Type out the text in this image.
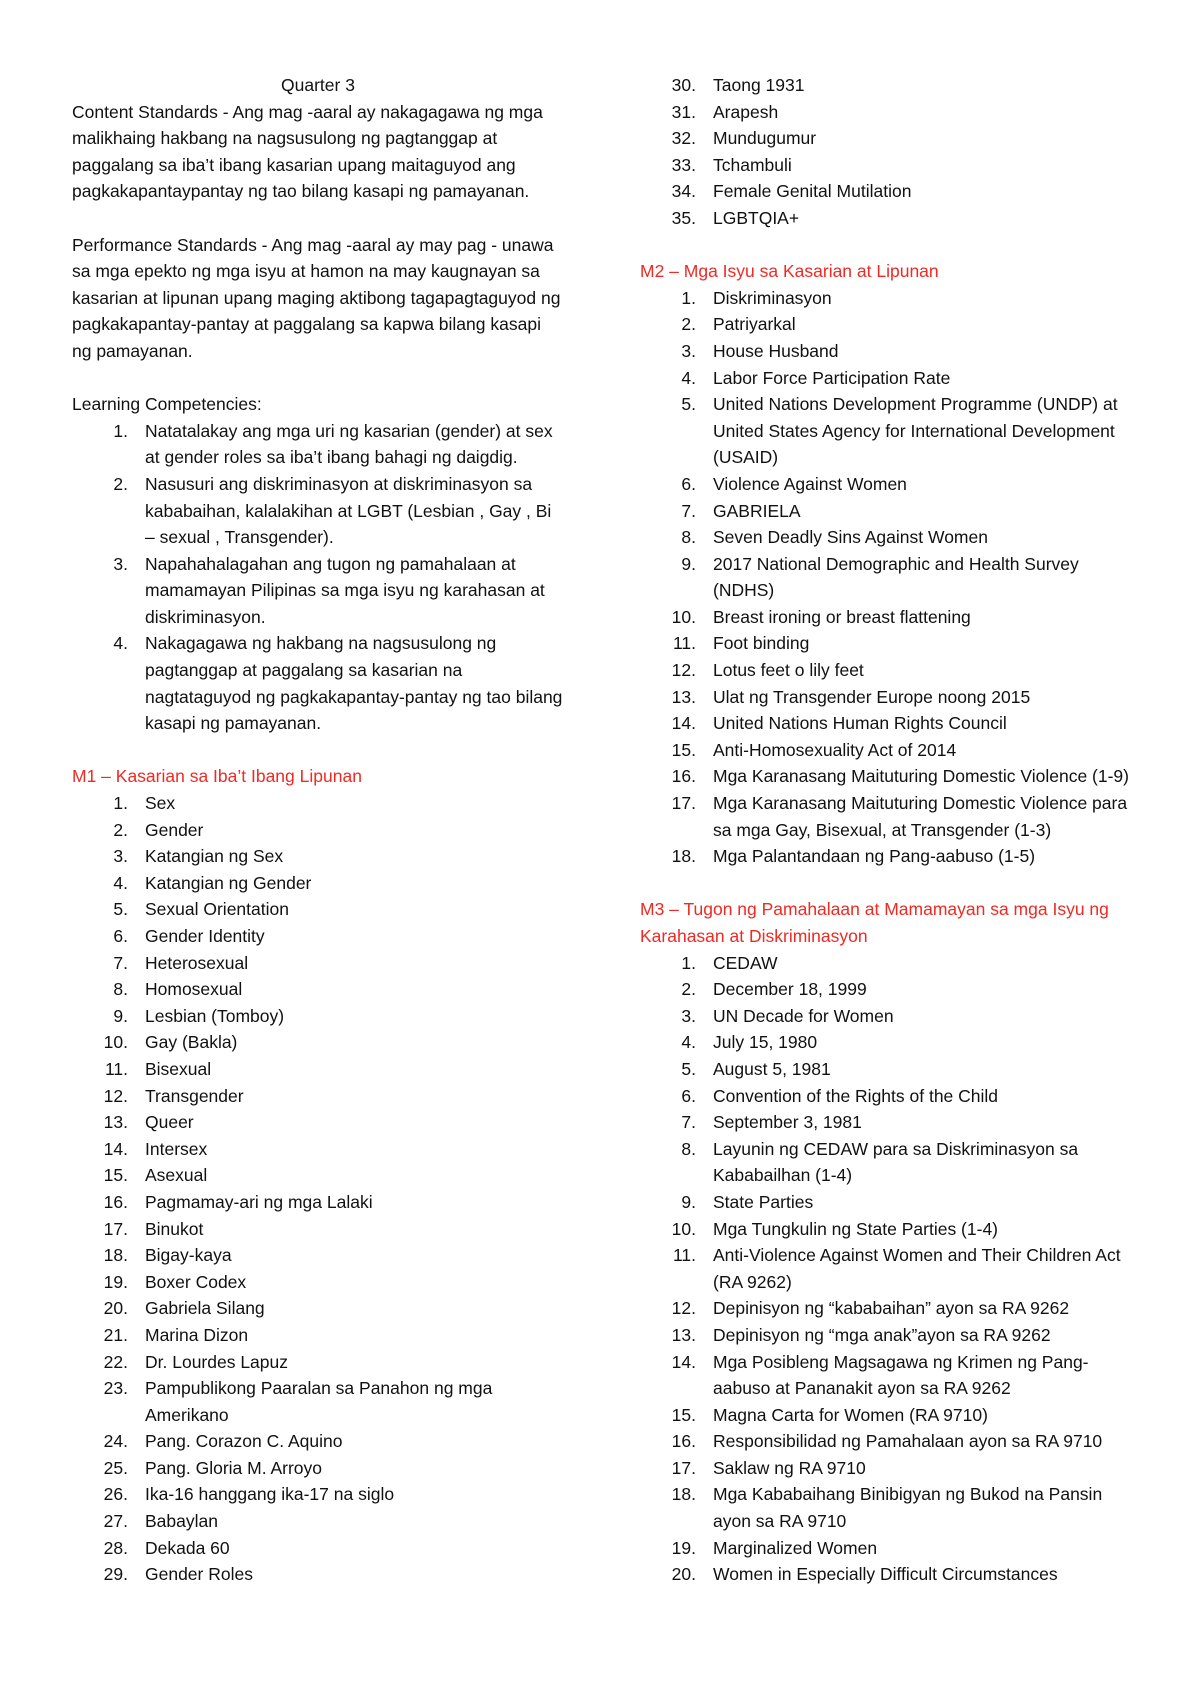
Quarter 3

Content Standards - Ang mag -aaral ay nakagagawa ng mga malikhaing hakbang na nagsusulong ng pagtanggap at paggalang sa iba’t ibang kasarian upang maitaguyod ang pagkakapantaypantay ng tao bilang kasapi ng pamayanan.

Performance Standards - Ang mag -aaral ay may pag - unawa sa mga epekto ng mga isyu at hamon na may kaugnayan sa kasarian at lipunan upang maging aktibong tagapagtaguyod ng pagkakapantay-pantay at paggalang sa kapwa bilang kasapi ng pamayanan.

Learning Competencies:
1. Natatalakay ang mga uri ng kasarian (gender) at sex at gender roles sa iba’t ibang bahagi ng daigdig.
2. Nasusuri ang diskriminasyon at diskriminasyon sa kababaihan, kalalakihan at LGBT (Lesbian , Gay , Bi – sexual , Transgender).
3. Napahahalagahan ang tugon ng pamahalaan at mamamayan Pilipinas sa mga isyu ng karahasan at diskriminasyon.
4. Nakagagawa ng hakbang na nagsusulong ng pagtanggap at paggalang sa kasarian na nagtataguyod ng pagkakapantay-pantay ng tao bilang kasapi ng pamayanan.
M1 – Kasarian sa Iba’t Ibang Lipunan
1. Sex
2. Gender
3. Katangian ng Sex
4. Katangian ng Gender
5. Sexual Orientation
6. Gender Identity
7. Heterosexual
8. Homosexual
9. Lesbian (Tomboy)
10. Gay (Bakla)
11. Bisexual
12. Transgender
13. Queer
14. Intersex
15. Asexual
16. Pagmamay-ari ng mga Lalaki
17. Binukot
18. Bigay-kaya
19. Boxer Codex
20. Gabriela Silang
21. Marina Dizon
22. Dr. Lourdes Lapuz
23. Pampublikong Paaralan sa Panahon ng mga Amerikano
24. Pang. Corazon C. Aquino
25. Pang. Gloria M. Arroyo
26. Ika-16 hanggang ika-17 na siglo
27. Babaylan
28. Dekada 60
29. Gender Roles
30. Taong 1931
31. Arapesh
32. Mundugumur
33. Tchambuli
34. Female Genital Mutilation
35. LGBTQIA+
M2 – Mga Isyu sa Kasarian at Lipunan
1. Diskriminasyon
2. Patriyarkal
3. House Husband
4. Labor Force Participation Rate
5. United Nations Development Programme (UNDP) at United States Agency for International Development (USAID)
6. Violence Against Women
7. GABRIELA
8. Seven Deadly Sins Against Women
9. 2017 National Demographic and Health Survey (NDHS)
10. Breast ironing or breast flattening
11. Foot binding
12. Lotus feet o lily feet
13. Ulat ng Transgender Europe noong 2015
14. United Nations Human Rights Council
15. Anti-Homosexuality Act of 2014
16. Mga Karanasang Maituturing Domestic Violence (1-9)
17. Mga Karanasang Maituturing Domestic Violence para sa mga Gay, Bisexual, at Transgender (1-3)
18. Mga Palantandaan ng Pang-aabuso (1-5)
M3 – Tugon ng Pamahalaan at Mamamayan sa mga Isyu ng Karahasan at Diskriminasyon
1. CEDAW
2. December 18, 1999
3. UN Decade for Women
4. July 15, 1980
5. August 5, 1981
6. Convention of the Rights of the Child
7. September 3, 1981
8. Layunin ng CEDAW para sa Diskriminasyon sa Kababailhan (1-4)
9. State Parties
10. Mga Tungkulin ng State Parties (1-4)
11. Anti-Violence Against Women and Their Children Act (RA 9262)
12. Depinisyon ng “kababaihan” ayon sa RA 9262
13. Depinisyon ng “mga anak”ayon sa RA 9262
14. Mga Posibleng Magsagawa ng Krimen ng Pang-aabuso at Pananakit ayon sa RA 9262
15. Magna Carta for Women (RA 9710)
16. Responsibilidad ng Pamahalaan ayon sa RA 9710
17. Saklaw ng RA 9710
18. Mga Kababaihang Binibigyan ng Bukod na Pansin ayon sa RA 9710
19. Marginalized Women
20. Women in Especially Difficult Circumstances
